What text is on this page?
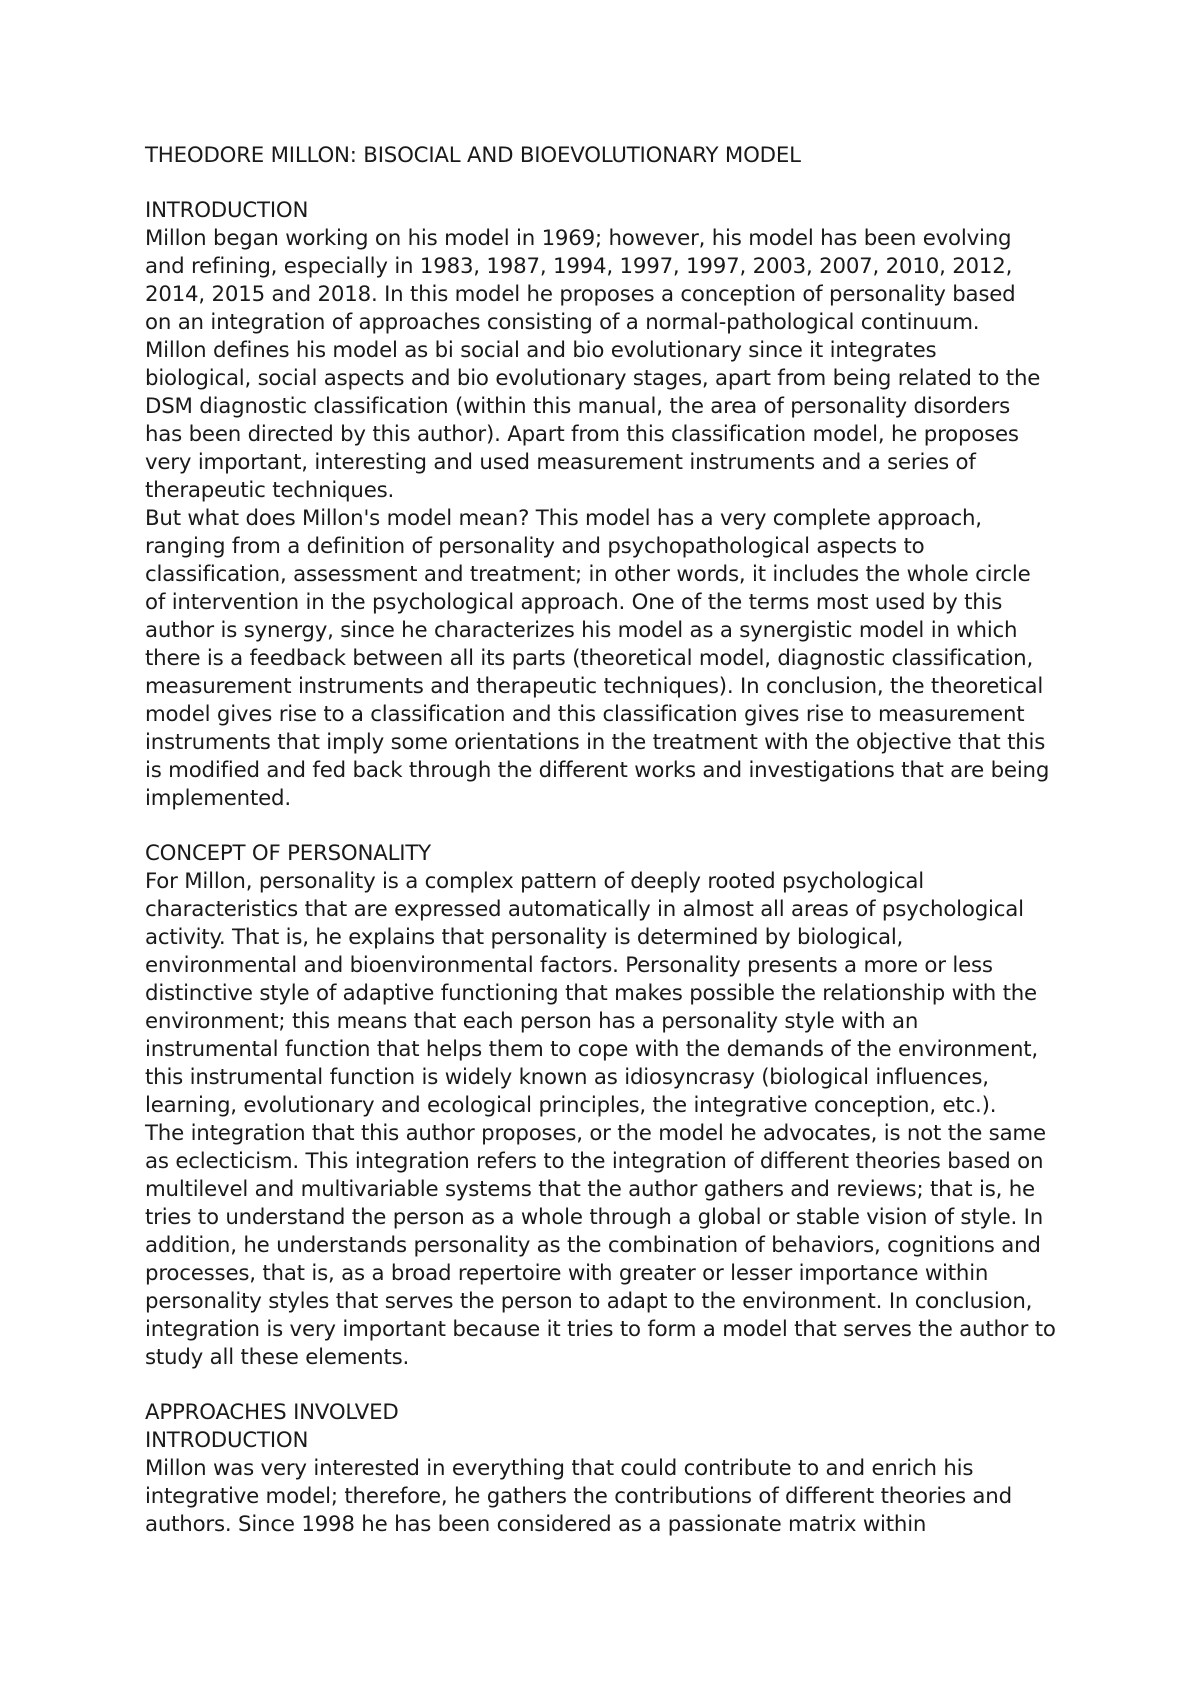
THEODORE MILLON: BISOCIAL AND BIOEVOLUTIONARY MODEL
INTRODUCTION
Millon began working on his model in 1969; however, his model has been evolving
and refining, especially in 1983, 1987, 1994, 1997, 1997, 2003, 2007, 2010, 2012,
2014, 2015 and 2018. In this model he proposes a conception of personality based
on an integration of approaches consisting of a normal-pathological continuum.
Millon defines his model as bi social and bio evolutionary since it integrates
biological, social aspects and bio evolutionary stages, apart from being related to the
DSM diagnostic classification (within this manual, the area of personality disorders
has been directed by this author). Apart from this classification model, he proposes
very important, interesting and used measurement instruments and a series of
therapeutic techniques.
But what does Millon's model mean? This model has a very complete approach,
ranging from a definition of personality and psychopathological aspects to
classification, assessment and treatment; in other words, it includes the whole circle
of intervention in the psychological approach. One of the terms most used by this
author is synergy, since he characterizes his model as a synergistic model in which
there is a feedback between all its parts (theoretical model, diagnostic classification,
measurement instruments and therapeutic techniques). In conclusion, the theoretical
model gives rise to a classification and this classification gives rise to measurement
instruments that imply some orientations in the treatment with the objective that this
is modified and fed back through the different works and investigations that are being
implemented.
CONCEPT OF PERSONALITY
For Millon, personality is a complex pattern of deeply rooted psychological
characteristics that are expressed automatically in almost all areas of psychological
activity. That is, he explains that personality is determined by biological,
environmental and bioenvironmental factors. Personality presents a more or less
distinctive style of adaptive functioning that makes possible the relationship with the
environment; this means that each person has a personality style with an
instrumental function that helps them to cope with the demands of the environment,
this instrumental function is widely known as idiosyncrasy (biological influences,
learning, evolutionary and ecological principles, the integrative conception, etc.).
The integration that this author proposes, or the model he advocates, is not the same
as eclecticism. This integration refers to the integration of different theories based on
multilevel and multivariable systems that the author gathers and reviews; that is, he
tries to understand the person as a whole through a global or stable vision of style. In
addition, he understands personality as the combination of behaviors, cognitions and
processes, that is, as a broad repertoire with greater or lesser importance within
personality styles that serves the person to adapt to the environment. In conclusion,
integration is very important because it tries to form a model that serves the author to
study all these elements.
APPROACHES INVOLVED
INTRODUCTION
Millon was very interested in everything that could contribute to and enrich his
integrative model; therefore, he gathers the contributions of different theories and
authors. Since 1998 he has been considered as a passionate matrix within
